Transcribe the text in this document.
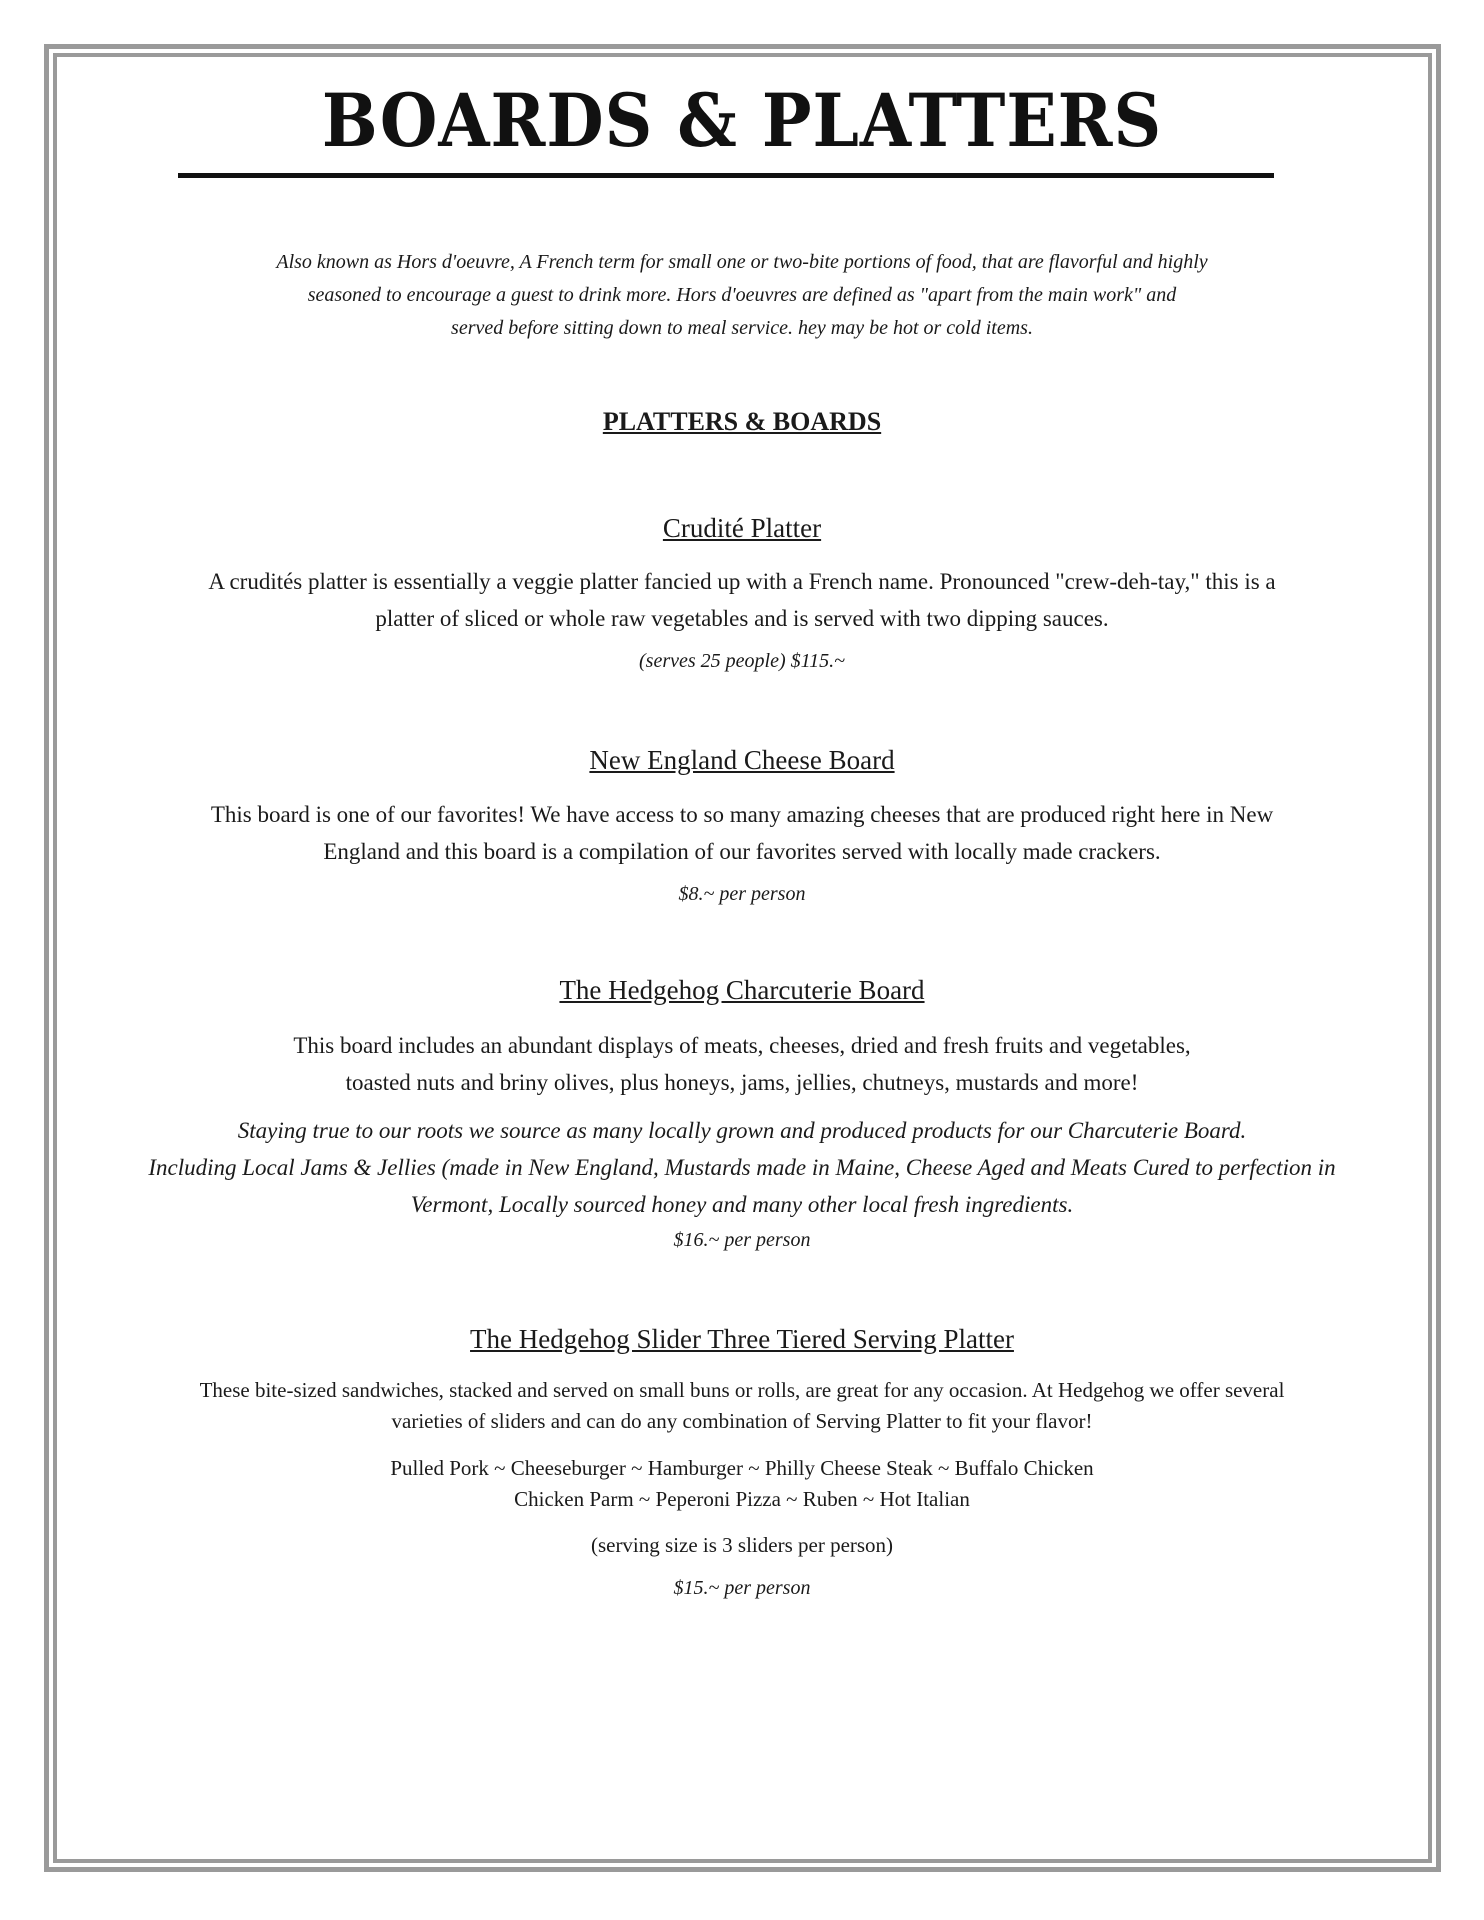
BOARDS & PLATTERS
Also known as Hors d'oeuvre, A French term for small one or two-bite portions of food, that are flavorful and highly
seasoned to encourage a guest to drink more. Hors d'oeuvres are defined as "apart from the main work" and
served before sitting down to meal service. hey may be hot or cold items.
PLATTERS & BOARDS
Crudité Platter
A crudités platter is essentially a veggie platter fancied up with a French name. Pronounced "crew-deh-tay," this is a
platter of sliced or whole raw vegetables and is served with two dipping sauces.
(serves 25 people) $115.~
New England Cheese Board
This board is one of our favorites! We have access to so many amazing cheeses that are produced right here in New
England and this board is a compilation of our favorites served with locally made crackers.
$8.~ per person
The Hedgehog Charcuterie Board
This board includes an abundant displays of meats, cheeses, dried and fresh fruits and vegetables,
toasted nuts and briny olives, plus honeys, jams, jellies, chutneys, mustards and more!
Staying true to our roots we source as many locally grown and produced products for our Charcuterie Board.
Including Local Jams & Jellies (made in New England, Mustards made in Maine, Cheese Aged and Meats Cured to perfection in
Vermont, Locally sourced honey and many other local fresh ingredients.
$16.~ per person
The Hedgehog Slider Three Tiered Serving Platter
These bite-sized sandwiches, stacked and served on small buns or rolls, are great for any occasion. At Hedgehog we offer several
varieties of sliders and can do any combination of Serving Platter to fit your flavor!
Pulled Pork ~ Cheeseburger ~ Hamburger ~ Philly Cheese Steak ~ Buffalo Chicken
Chicken Parm ~ Peperoni Pizza ~ Ruben ~ Hot Italian
(serving size is 3 sliders per person)
$15.~ per person
